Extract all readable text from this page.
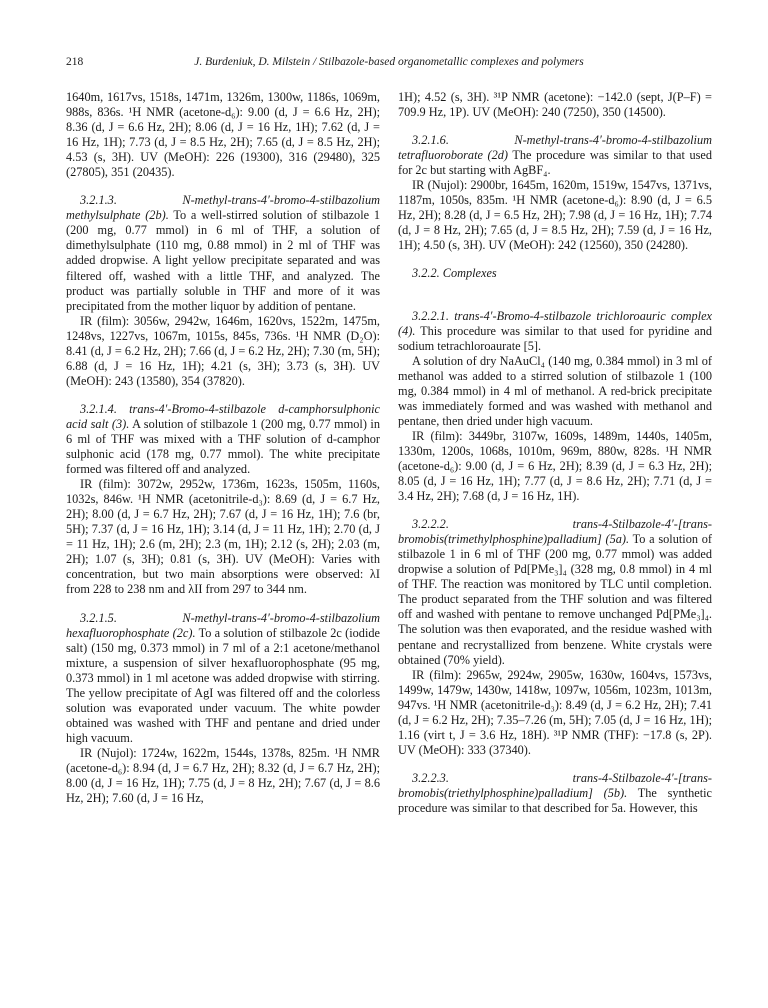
218	J. Burdeniuk, D. Milstein / Stilbazole-based organometallic complexes and polymers

1640m, 1617vs, 1518s, 1471m, 1326m, 1300w, 1186s, 1069m, 988s, 836s. ¹H NMR (acetone-d₆): 9.00 (d, J = 6.6 Hz, 2H); 8.36 (d, J = 6.6 Hz, 2H); 8.06 (d, J = 16 Hz, 1H); 7.62 (d, J = 16 Hz, 1H); 7.73 (d, J = 8.5 Hz, 2H); 7.65 (d, J = 8.5 Hz, 2H); 4.53 (s, 3H). UV (MeOH): 226 (19300), 316 (29480), 325 (27805), 351 (20435).

3.2.1.3. N-methyl-trans-4′-bromo-4-stilbazolium methylsulphate (2b). To a well-stirred solution of stilbazole 1 (200 mg, 0.77 mmol) in 6 ml of THF, a solution of dimethylsulphate (110 mg, 0.88 mmol) in 2 ml of THF was added dropwise. A light yellow precipitate separated and was filtered off, washed with a little THF, and analyzed. The product was partially soluble in THF and more of it was precipitated from the mother liquor by addition of pentane.

IR (film): 3056w, 2942w, 1646m, 1620vs, 1522m, 1475m, 1248vs, 1227vs, 1067m, 1015s, 845s, 736s. ¹H NMR (D₂O): 8.41 (d, J = 6.2 Hz, 2H); 7.66 (d, J = 6.2 Hz, 2H); 7.30 (m, 5H); 6.88 (d, J = 16 Hz, 1H); 4.21 (s, 3H); 3.73 (s, 3H). UV (MeOH): 243 (13580), 354 (37820).

3.2.1.4. trans-4′-Bromo-4-stilbazole d-camphorsulphonic acid salt (3). A solution of stilbazole 1 (200 mg, 0.77 mmol) in 6 ml of THF was mixed with a THF solution of d-camphor sulphonic acid (178 mg, 0.77 mmol). The white precipitate formed was filtered off and analyzed.

IR (film): 3072w, 2952w, 1736m, 1623s, 1505m, 1160s, 1032s, 846w. ¹H NMR (acetonitrile-d₃): 8.69 (d, J = 6.7 Hz, 2H); 8.00 (d, J = 6.7 Hz, 2H); 7.67 (d, J = 16 Hz, 1H); 7.6 (br, 5H); 7.37 (d, J = 16 Hz, 1H); 3.14 (d, J = 11 Hz, 1H); 2.70 (d, J = 11 Hz, 1H); 2.6 (m, 2H); 2.3 (m, 1H); 2.12 (s, 2H); 2.03 (m, 2H); 1.07 (s, 3H); 0.81 (s, 3H). UV (MeOH): Varies with concentration, but two main absorptions were observed: λI from 228 to 238 nm and λII from 297 to 344 nm.

3.2.1.5. N-methyl-trans-4′-bromo-4-stilbazolium hexafluorophosphate (2c). To a solution of stilbazole 2c (iodide salt) (150 mg, 0.373 mmol) in 7 ml of a 2:1 acetone/methanol mixture, a suspension of silver hexafluorophosphate (95 mg, 0.373 mmol) in 1 ml acetone was added dropwise with stirring. The yellow precipitate of AgI was filtered off and the colorless solution was evaporated under vacuum. The white powder obtained was washed with THF and pentane and dried under high vacuum.

IR (Nujol): 1724w, 1622m, 1544s, 1378s, 825m. ¹H NMR (acetone-d₆): 8.94 (d, J = 6.7 Hz, 2H); 8.32 (d, J = 6.7 Hz, 2H); 8.00 (d, J = 16 Hz, 1H); 7.75 (d, J = 8 Hz, 2H); 7.67 (d, J = 8.6 Hz, 2H); 7.60 (d, J = 16 Hz,

1H); 4.52 (s, 3H). ³¹P NMR (acetone): −142.0 (sept, J(P–F) = 709.9 Hz, 1P). UV (MeOH): 240 (7250), 350 (14500).

3.2.1.6. N-methyl-trans-4′-bromo-4-stilbazolium tetrafluoroborate (2d) The procedure was similar to that used for 2c but starting with AgBF₄.

IR (Nujol): 2900br, 1645m, 1620m, 1519w, 1547vs, 1371vs, 1187m, 1050s, 835m. ¹H NMR (acetone-d₆): 8.90 (d, J = 6.5 Hz, 2H); 8.28 (d, J = 6.5 Hz, 2H); 7.98 (d, J = 16 Hz, 1H); 7.74 (d, J = 8 Hz, 2H); 7.65 (d, J = 8.5 Hz, 2H); 7.59 (d, J = 16 Hz, 1H); 4.50 (s, 3H). UV (MeOH): 242 (12560), 350 (24280).

3.2.2. Complexes

3.2.2.1. trans-4′-Bromo-4-stilbazole trichloroauric complex (4). This procedure was similar to that used for pyridine and sodium tetrachloroaurate [5].

A solution of dry NaAuCl₄ (140 mg, 0.384 mmol) in 3 ml of methanol was added to a stirred solution of stilbazole 1 (100 mg, 0.384 mmol) in 4 ml of methanol. A red-brick precipitate was immediately formed and was washed with methanol and pentane, then dried under high vacuum.

IR (film): 3449br, 3107w, 1609s, 1489m, 1440s, 1405m, 1330m, 1200s, 1068s, 1010m, 969m, 880w, 828s. ¹H NMR (acetone-d₆): 9.00 (d, J = 6 Hz, 2H); 8.39 (d, J = 6.3 Hz, 2H); 8.05 (d, J = 16 Hz, 1H); 7.77 (d, J = 8.6 Hz, 2H); 7.71 (d, J = 3.4 Hz, 2H); 7.68 (d, J = 16 Hz, 1H).

3.2.2.2. trans-4-Stilbazole-4′-[trans-bromobis(trimethylphosphine)palladium] (5a). To a solution of stilbazole 1 in 6 ml of THF (200 mg, 0.77 mmol) was added dropwise a solution of Pd[PMe₃]₄ (328 mg, 0.8 mmol) in 4 ml of THF. The reaction was monitored by TLC until completion. The product separated from the THF solution and was filtered off and washed with pentane to remove unchanged Pd[PMe₃]₄. The solution was then evaporated, and the residue washed with pentane and recrystallized from benzene. White crystals were obtained (70% yield).

IR (film): 2965w, 2924w, 2905w, 1630w, 1604vs, 1573vs, 1499w, 1479w, 1430w, 1418w, 1097w, 1056m, 1023m, 1013m, 947vs. ¹H NMR (acetonitrile-d₃): 8.49 (d, J = 6.2 Hz, 2H); 7.41 (d, J = 6.2 Hz, 2H); 7.35–7.26 (m, 5H); 7.05 (d, J = 16 Hz, 1H); 1.16 (virt t, J = 3.6 Hz, 18H). ³¹P NMR (THF): −17.8 (s, 2P). UV (MeOH): 333 (37340).

3.2.2.3. trans-4-Stilbazole-4′-[trans-bromobis(triethylphosphine)palladium] (5b). The synthetic procedure was similar to that described for 5a. However, this
